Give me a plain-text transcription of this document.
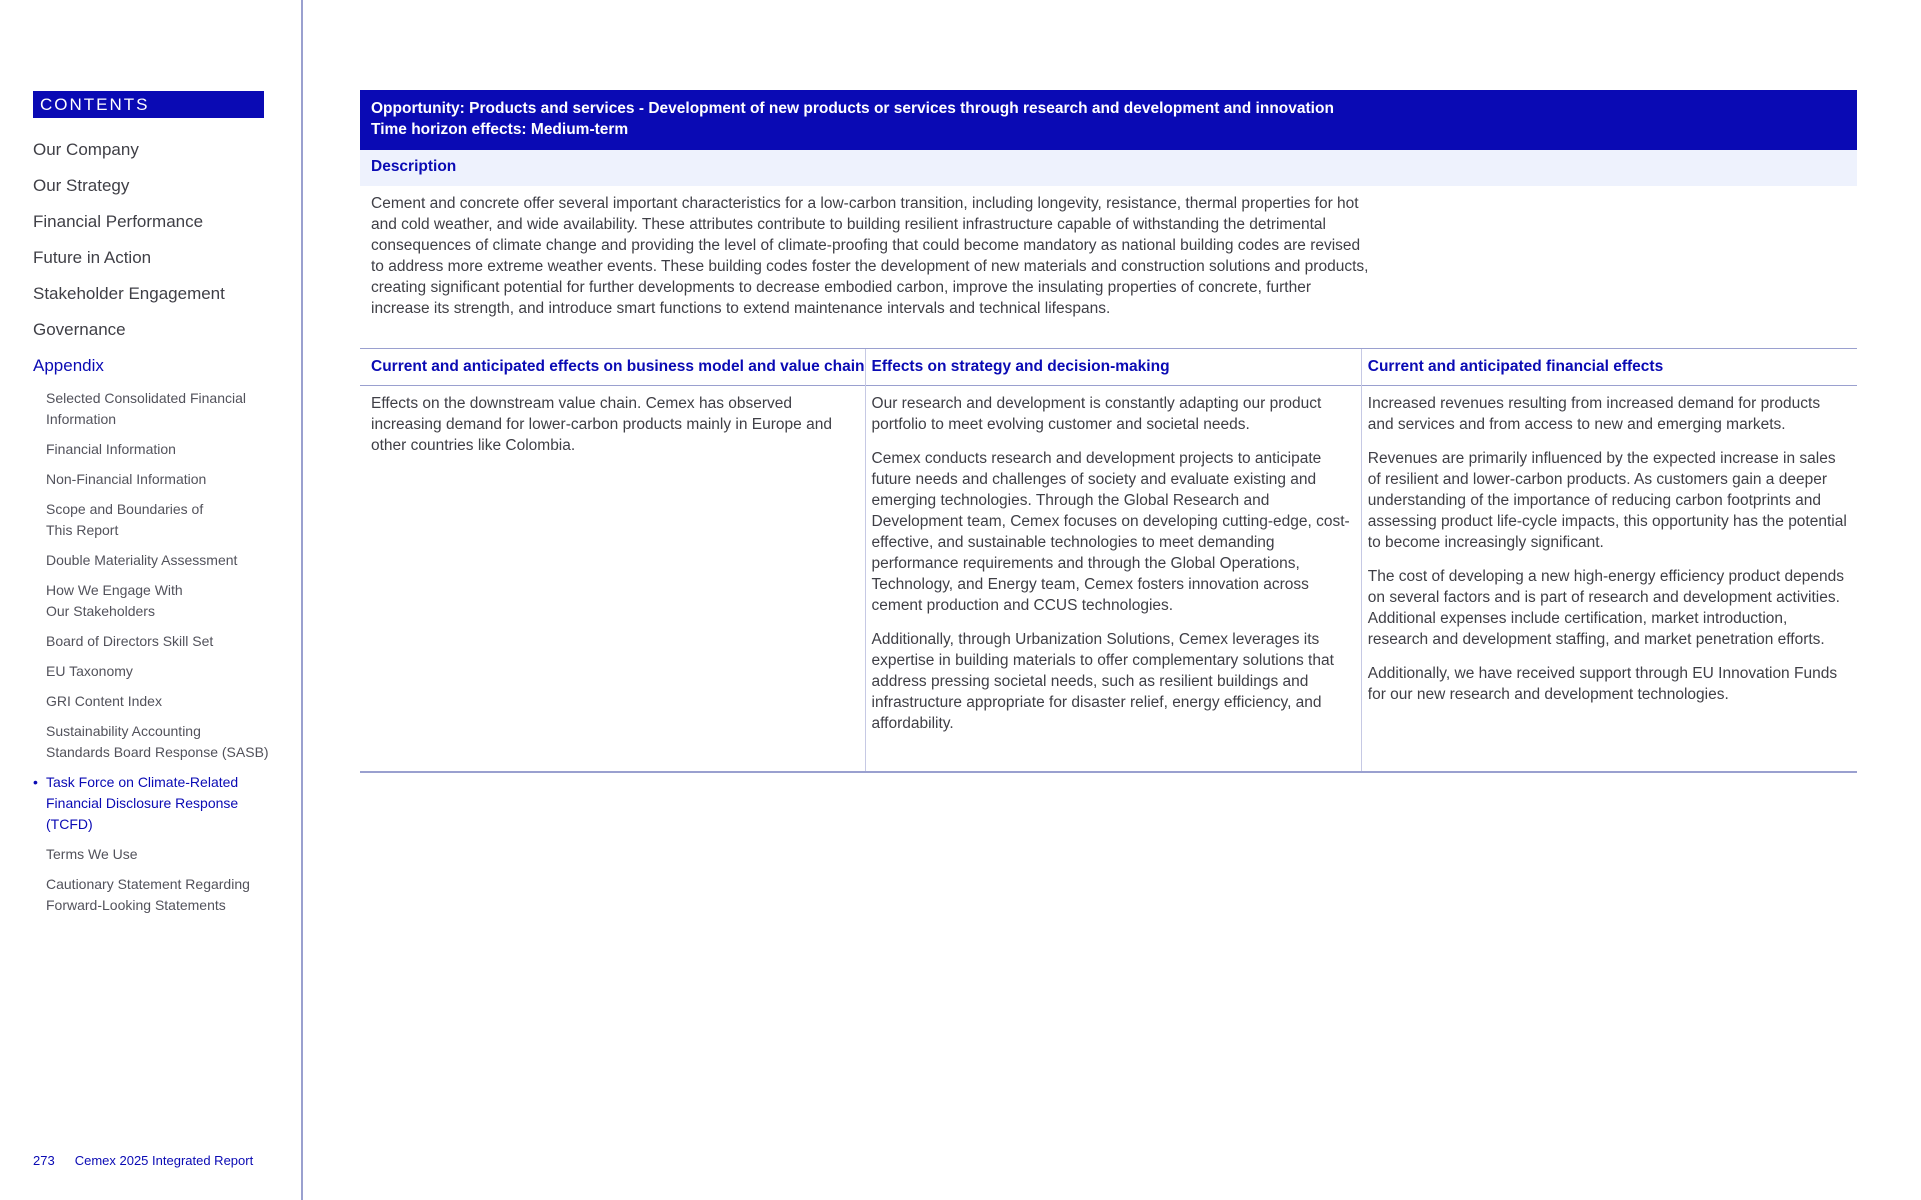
CONTENTS
Our Company
Our Strategy
Financial Performance
Future in Action
Stakeholder Engagement
Governance
Appendix
Selected Consolidated Financial
Information
Financial Information
Non-Financial Information
Scope and Boundaries of
This Report
Double Materiality Assessment
How We Engage With
Our Stakeholders
Board of Directors Skill Set
EU Taxonomy
GRI Content Index
Sustainability Accounting
Standards Board Response (SASB)
• Task Force on Climate-Related
Financial Disclosure Response
(TCFD)
Terms We Use
Cautionary Statement Regarding
Forward-Looking Statements
273 Cemex 2025 Integrated Report
Opportunity: Products and services - Development of new products or services through research and development and innovation
Time horizon effects: Medium-term
Description
Cement and concrete offer several important characteristics for a low-carbon transition, including longevity, resistance, thermal properties for hot and cold weather, and wide availability. These attributes contribute to building resilient infrastructure capable of withstanding the detrimental consequences of climate change and providing the level of climate-proofing that could become mandatory as national building codes are revised to address more extreme weather events. These building codes foster the development of new materials and construction solutions and products, creating significant potential for further developments to decrease embodied carbon, improve the insulating properties of concrete, further increase its strength, and introduce smart functions to extend maintenance intervals and technical lifespans.
Current and anticipated effects on business model and value chain

Effects on the downstream value chain. Cemex has observed increasing demand for lower-carbon products mainly in Europe and other countries like Colombia.

Effects on strategy and decision-making

Our research and development is constantly adapting our product portfolio to meet evolving customer and societal needs.

Cemex conducts research and development projects to anticipate future needs and challenges of society and evaluate existing and emerging technologies. Through the Global Research and Development team, Cemex focuses on developing cutting-edge, cost-effective, and sustainable technologies to meet demanding performance requirements and through the Global Operations, Technology, and Energy team, Cemex fosters innovation across cement production and CCUS technologies.

Additionally, through Urbanization Solutions, Cemex leverages its expertise in building materials to offer complementary solutions that address pressing societal needs, such as resilient buildings and infrastructure appropriate for disaster relief, energy efficiency, and affordability.

Current and anticipated financial effects

Increased revenues resulting from increased demand for products and services and from access to new and emerging markets.

Revenues are primarily influenced by the expected increase in sales of resilient and lower-carbon products. As customers gain a deeper understanding of the importance of reducing carbon footprints and assessing product life-cycle impacts, this opportunity has the potential to become increasingly significant.

The cost of developing a new high-energy efficiency product depends on several factors and is part of research and development activities. Additional expenses include certification, market introduction, research and development staffing, and market penetration efforts.

Additionally, we have received support through EU Innovation Funds for our new research and development technologies.
